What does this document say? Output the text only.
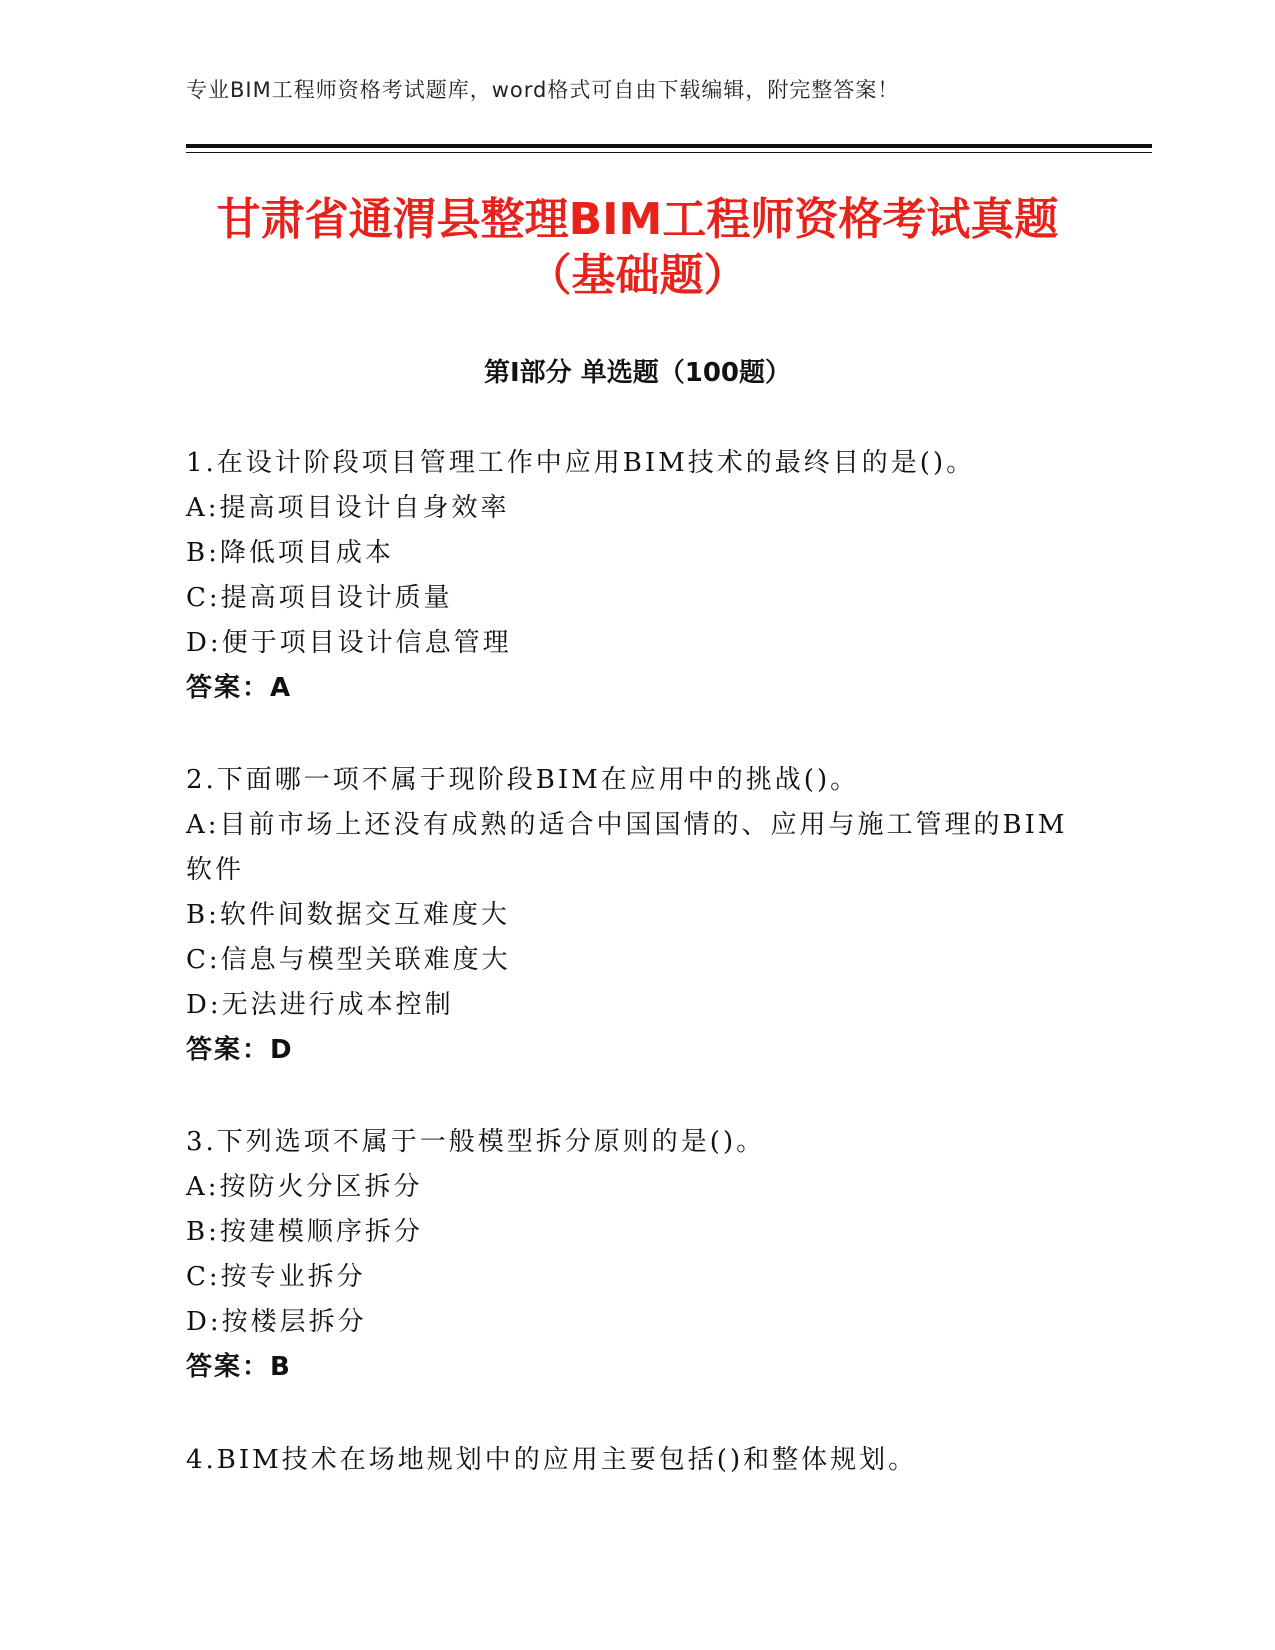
专业BIM工程师资格考试题库，word格式可自由下载编辑，附完整答案！
甘肃省通渭县整理BIM工程师资格考试真题
（基础题）
第Ⅰ部分 单选题（100题）
1.在设计阶段项目管理工作中应用BIM技术的最终目的是()。
A:提高项目设计自身效率
B:降低项目成本
C:提高项目设计质量
D:便于项目设计信息管理
答案：A
2.下面哪一项不属于现阶段BIM在应用中的挑战()。
A:目前市场上还没有成熟的适合中国国情的、应用与施工管理的BIM软件
B:软件间数据交互难度大
C:信息与模型关联难度大
D:无法进行成本控制
答案：D
3.下列选项不属于一般模型拆分原则的是()。
A:按防火分区拆分
B:按建模顺序拆分
C:按专业拆分
D:按楼层拆分
答案：B
4.BIM技术在场地规划中的应用主要包括()和整体规划。
